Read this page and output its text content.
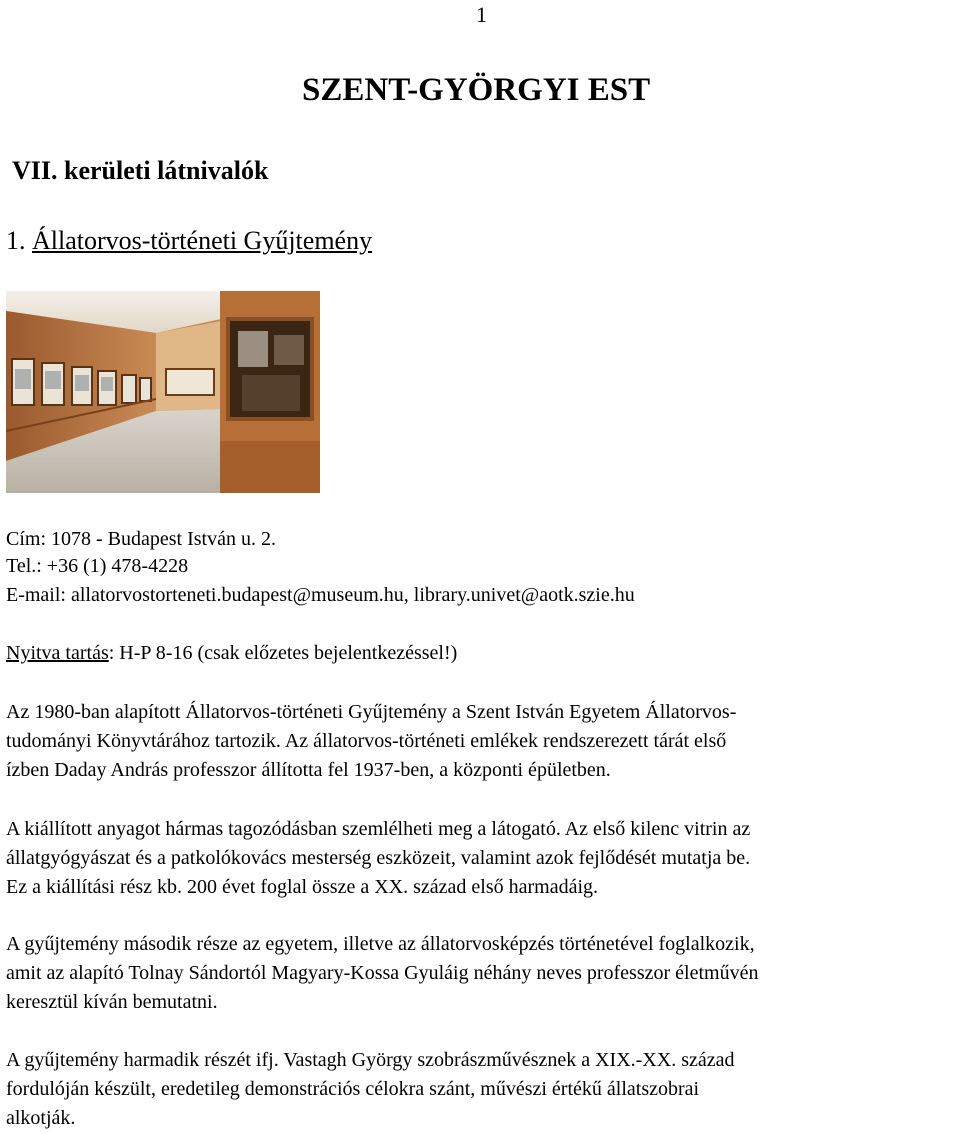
1
SZENT-GYÖRGYI EST
VII. kerületi látnivalók
1. Állatorvos-történeti Gyűjtemény
Cím: 1078 - Budapest István u. 2.
Tel.: +36 (1) 478-4228
E-mail: allatorvostorteneti.budapest@museum.hu, library.univet@aotk.szie.hu
Nyitva tartás: H-P 8-16 (csak előzetes bejelentkezéssel!)

Az 1980-ban alapított Állatorvos-történeti Gyűjtemény a Szent István Egyetem Állatorvos-
tudományi Könyvtárához tartozik. Az állatorvos-történeti emlékek rendszerezett tárát első
ízben Daday András professzor állította fel 1937-ben, a központi épületben.

A kiállított anyagot hármas tagozódásban szemlélheti meg a látogató. Az első kilenc vitrin az
állatgyógyászat és a patkolókovács mesterség eszközeit, valamint azok fejlődését mutatja be.
Ez a kiállítási rész kb. 200 évet foglal össze a XX. század első harmadáig.

A gyűjtemény második része az egyetem, illetve az állatorvosképzés történetével foglalkozik,
amit az alapító Tolnay Sándortól Magyary-Kossa Gyuláig néhány neves professzor életművén
keresztül kíván bemutatni.

A gyűjtemény harmadik részét ifj. Vastagh György szobrászművésznek a XIX.-XX. század
fordulóján készült, eredetileg demonstrációs célokra szánt, művészi értékű állatszobrai
alkotják.
